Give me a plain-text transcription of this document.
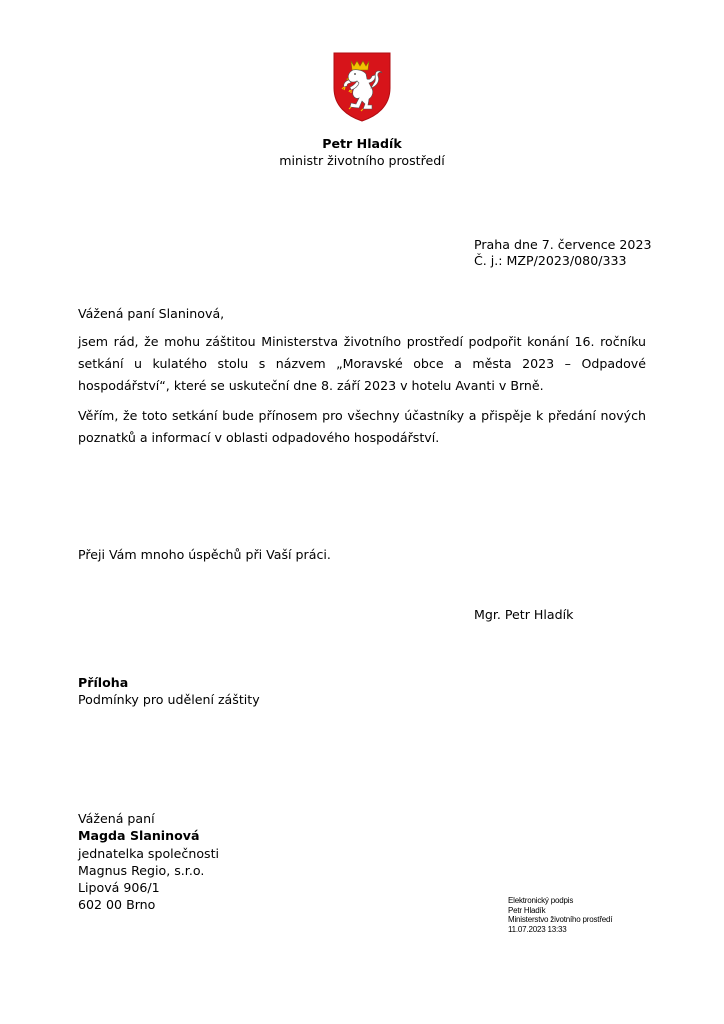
Petr Hladík
ministr životního prostředí
Praha dne 7. července 2023
Č. j.: MZP/2023/080/333
Vážená paní Slaninová,
jsem rád, že mohu záštitou Ministerstva životního prostředí podpořit konání 16. ročníku setkání u kulatého stolu s názvem „Moravské obce a města 2023 – Odpadové hospodářství“, které se uskuteční dne 8. září 2023 v hotelu Avanti v Brně.
Věřím, že toto setkání bude přínosem pro všechny účastníky a přispěje k předání nových poznatků a informací v oblasti odpadového hospodářství.
Přeji Vám mnoho úspěchů při Vaší práci.
Mgr. Petr Hladík
Příloha
Podmínky pro udělení záštity
Vážená paní
Magda Slaninová
jednatelka společnosti
Magnus Regio, s.r.o.
Lipová 906/1
602 00 Brno	Elektronický podpis
Petr Hladík
Ministerstvo životního prostředí
11.07.2023 13:33
